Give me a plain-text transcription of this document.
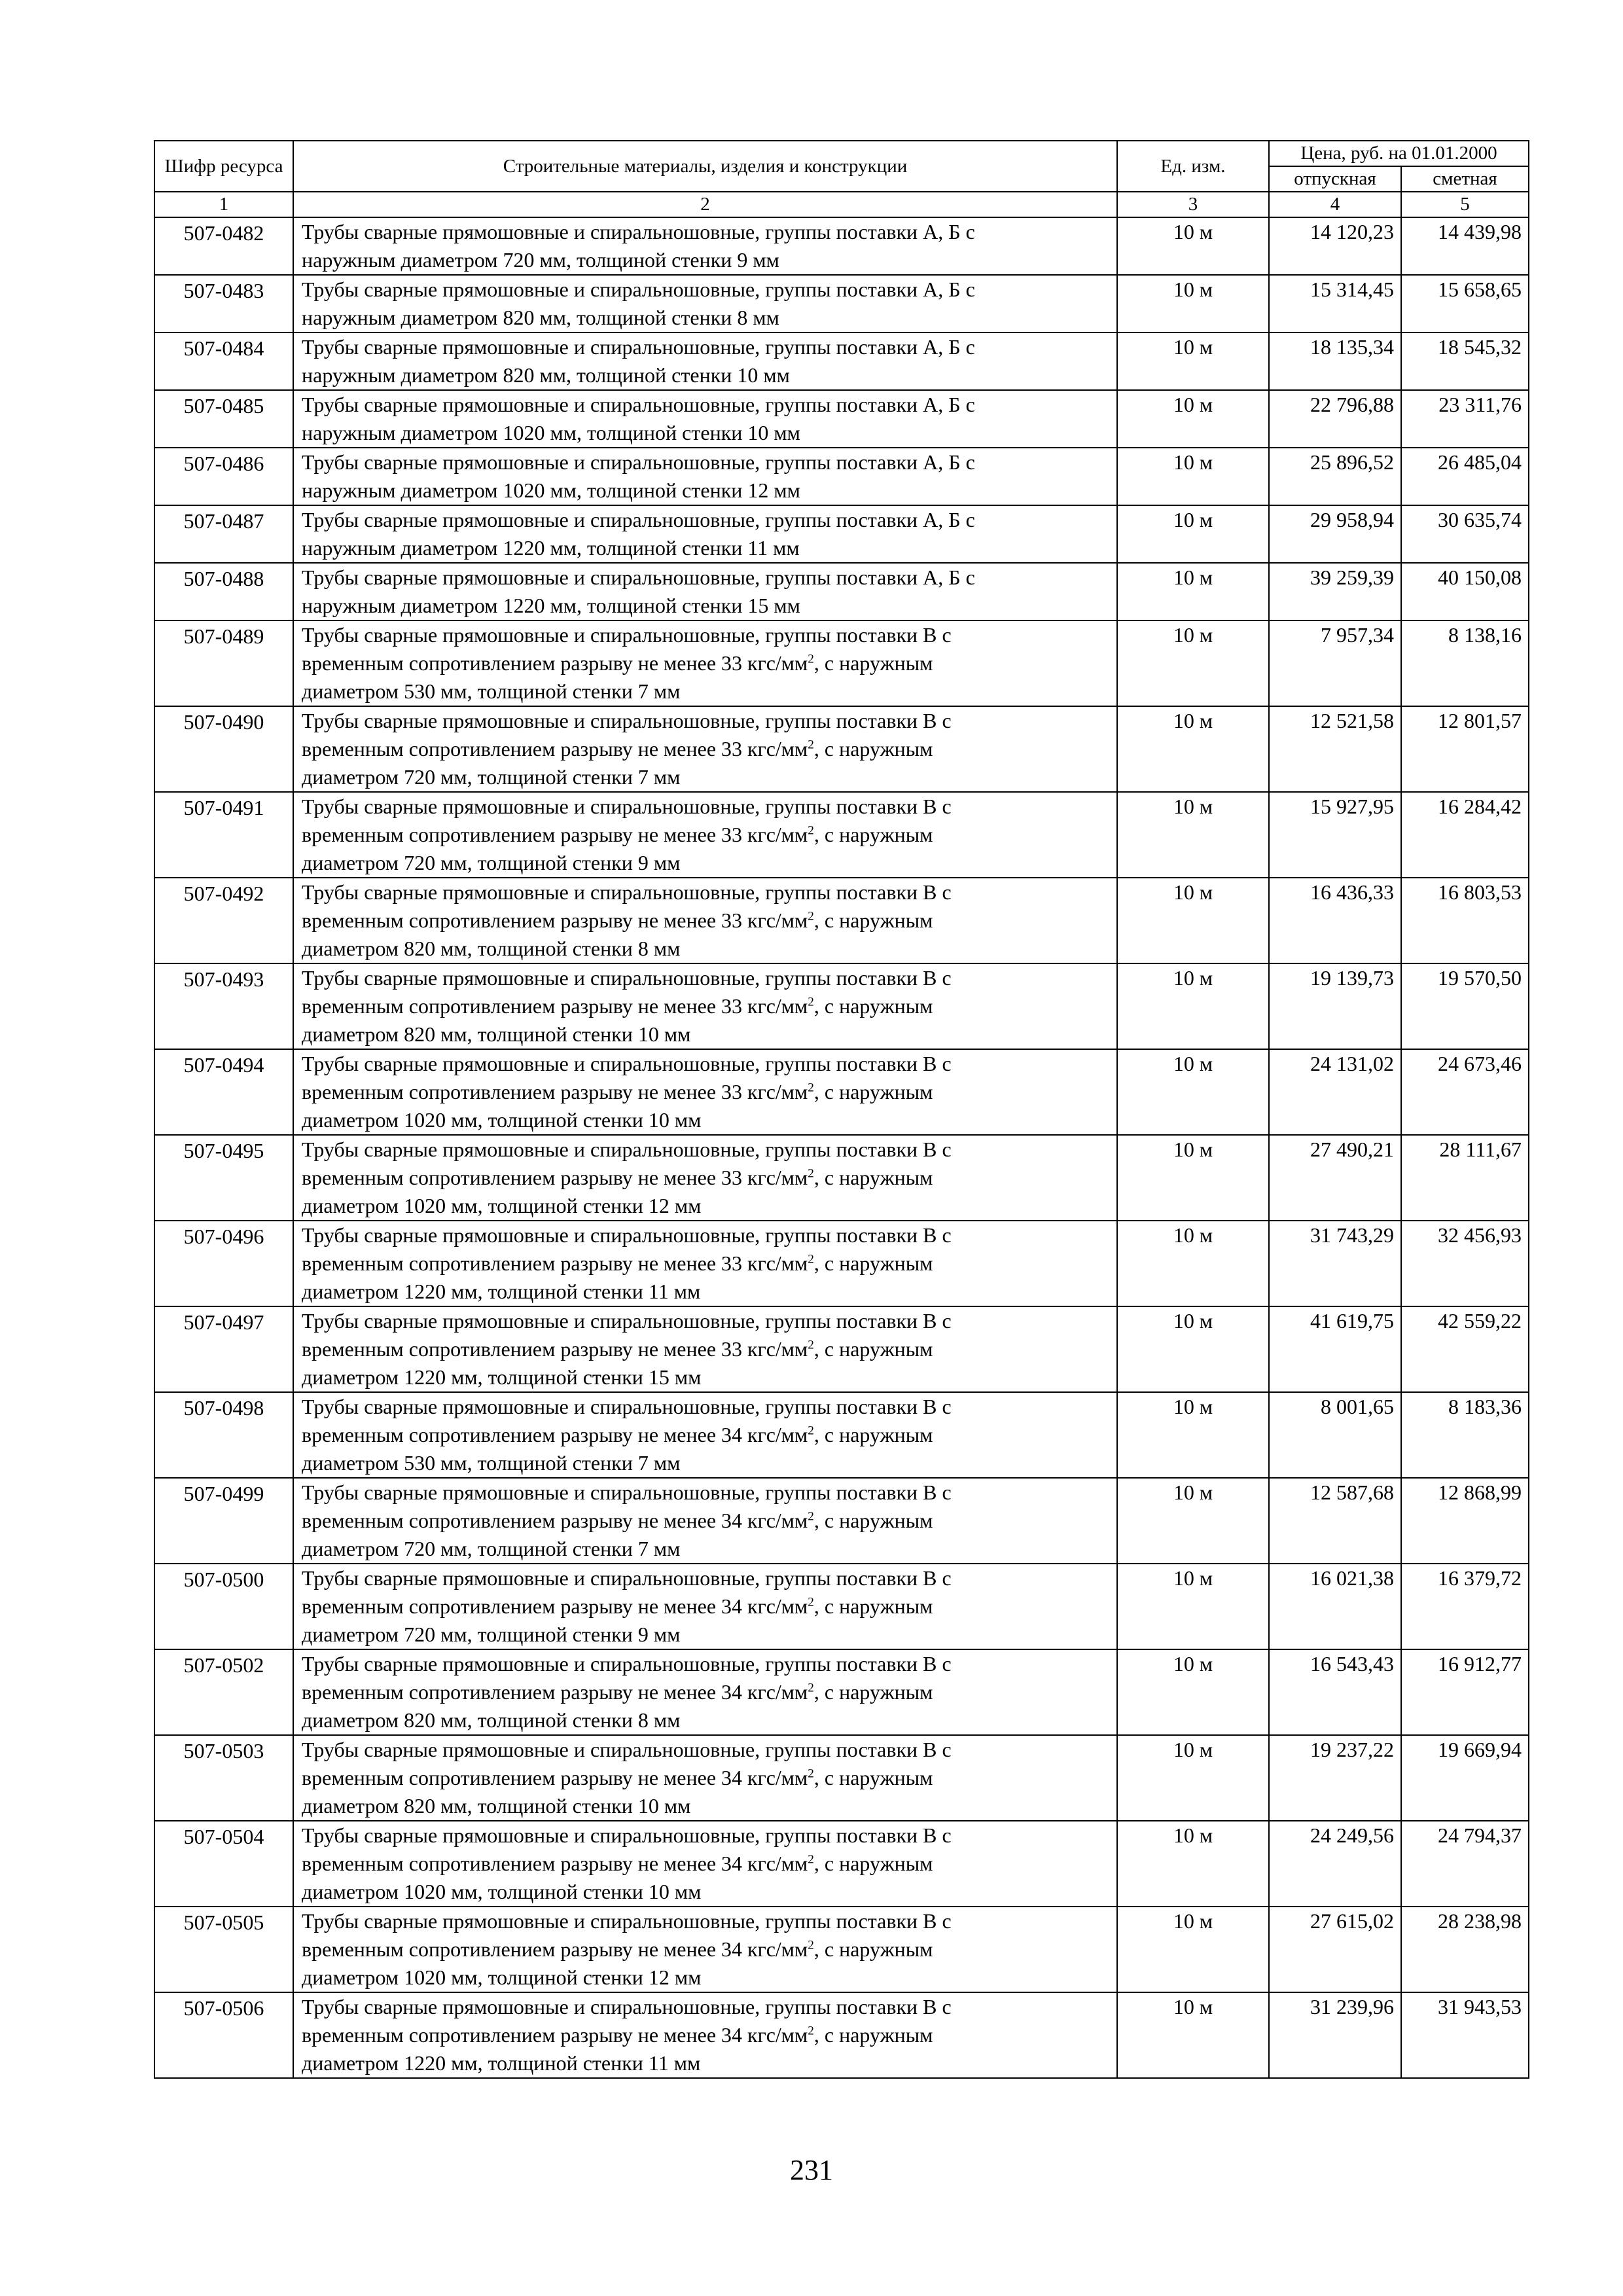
Шифр ресурса	Строительные материалы, изделия и конструкции	Ед. изм.	Цена, руб. на 01.01.2000	
			отпускная	сметная
1	2	3	4	5
507-0482	Трубы сварные прямошовные и спиральношовные, группы поставки А, Б с
наружным диаметром 720 мм, толщиной стенки 9 мм	10 м	14 120,23	14 439,98
507-0483	Трубы сварные прямошовные и спиральношовные, группы поставки А, Б с
наружным диаметром 820 мм, толщиной стенки 8 мм	10 м	15 314,45	15 658,65
507-0484	Трубы сварные прямошовные и спиральношовные, группы поставки А, Б с
наружным диаметром 820 мм, толщиной стенки 10 мм	10 м	18 135,34	18 545,32
507-0485	Трубы сварные прямошовные и спиральношовные, группы поставки А, Б с
наружным диаметром 1020 мм, толщиной стенки 10 мм	10 м	22 796,88	23 311,76
507-0486	Трубы сварные прямошовные и спиральношовные, группы поставки А, Б с
наружным диаметром 1020 мм, толщиной стенки 12 мм	10 м	25 896,52	26 485,04
507-0487	Трубы сварные прямошовные и спиральношовные, группы поставки А, Б с
наружным диаметром 1220 мм, толщиной стенки 11 мм	10 м	29 958,94	30 635,74
507-0488	Трубы сварные прямошовные и спиральношовные, группы поставки А, Б с
наружным диаметром 1220 мм, толщиной стенки 15 мм	10 м	39 259,39	40 150,08
507-0489	Трубы сварные прямошовные и спиральношовные, группы поставки В с
временным сопротивлением разрыву не менее 33 кгс/$мм^2$, с наружным
диаметром 530 мм, толщиной стенки 7 мм	10 м	7 957,34	8 138,16
507-0490	Трубы сварные прямошовные и спиральношовные, группы поставки В с
временным сопротивлением разрыву не менее 33 кгс/$мм^2$, с наружным
диаметром 720 мм, толщиной стенки 7 мм	10 м	12 521,58	12 801,57
507-0491	Трубы сварные прямошовные и спиральношовные, группы поставки В с
временным сопротивлением разрыву не менее 33 кгс/$мм^2$, с наружным
диаметром 720 мм, толщиной стенки 9 мм	10 м	15 927,95	16 284,42
507-0492	Трубы сварные прямошовные и спиральношовные, группы поставки В с
временным сопротивлением разрыву не менее 33 кгс/$мм^2$, с наружным
диаметром 820 мм, толщиной стенки 8 мм	10 м	16 436,33	16 803,53
507-0493	Трубы сварные прямошовные и спиральношовные, группы поставки В с
временным сопротивлением разрыву не менее 33 кгс/$мм^2$, с наружным
диаметром 820 мм, толщиной стенки 10 мм	10 м	19 139,73	19 570,50
507-0494	Трубы сварные прямошовные и спиральношовные, группы поставки В с
временным сопротивлением разрыву не менее 33 кгс/$мм^2$, с наружным
диаметром 1020 мм, толщиной стенки 10 мм	10 м	24 131,02	24 673,46
507-0495	Трубы сварные прямошовные и спиральношовные, группы поставки В с
временным сопротивлением разрыву не менее 33 кгс/$мм^2$, с наружным
диаметром 1020 мм, толщиной стенки 12 мм	10 м	27 490,21	28 111,67
507-0496	Трубы сварные прямошовные и спиральношовные, группы поставки В с
временным сопротивлением разрыву не менее 33 кгс/$мм^2$, с наружным
диаметром 1220 мм, толщиной стенки 11 мм	10 м	31 743,29	32 456,93
507-0497	Трубы сварные прямошовные и спиральношовные, группы поставки В с
временным сопротивлением разрыву не менее 33 кгс/$мм^2$, с наружным
диаметром 1220 мм, толщиной стенки 15 мм	10 м	41 619,75	42 559,22
507-0498	Трубы сварные прямошовные и спиральношовные, группы поставки В с
временным сопротивлением разрыву не менее 34 кгс/$мм^2$, с наружным
диаметром 530 мм, толщиной стенки 7 мм	10 м	8 001,65	8 183,36
507-0499	Трубы сварные прямошовные и спиральношовные, группы поставки В с
временным сопротивлением разрыву не менее 34 кгс/$мм^2$, с наружным
диаметром 720 мм, толщиной стенки 7 мм	10 м	12 587,68	12 868,99
507-0500	Трубы сварные прямошовные и спиральношовные, группы поставки В с
временным сопротивлением разрыву не менее 34 кгс/$мм^2$, с наружным
диаметром 720 мм, толщиной стенки 9 мм	10 м	16 021,38	16 379,72
507-0502	Трубы сварные прямошовные и спиральношовные, группы поставки В с
временным сопротивлением разрыву не менее 34 кгс/$мм^2$, с наружным
диаметром 820 мм, толщиной стенки 8 мм	10 м	16 543,43	16 912,77
507-0503	Трубы сварные прямошовные и спиральношовные, группы поставки В с
временным сопротивлением разрыву не менее 34 кгс/$мм^2$, с наружным
диаметром 820 мм, толщиной стенки 10 мм	10 м	19 237,22	19 669,94
507-0504	Трубы сварные прямошовные и спиральношовные, группы поставки В с
временным сопротивлением разрыву не менее 34 кгс/$мм^2$, с наружным
диаметром 1020 мм, толщиной стенки 10 мм	10 м	24 249,56	24 794,37
507-0505	Трубы сварные прямошовные и спиральношовные, группы поставки В с
временным сопротивлением разрыву не менее 34 кгс/$мм^2$, с наружным
диаметром 1020 мм, толщиной стенки 12 мм	10 м	27 615,02	28 238,98
507-0506	Трубы сварные прямошовные и спиральношовные, группы поставки В с
временным сопротивлением разрыву не менее 34 кгс/$мм^2$, с наружным
диаметром 1220 мм, толщиной стенки 11 мм	10 м	31 239,96	31 943,53
231
